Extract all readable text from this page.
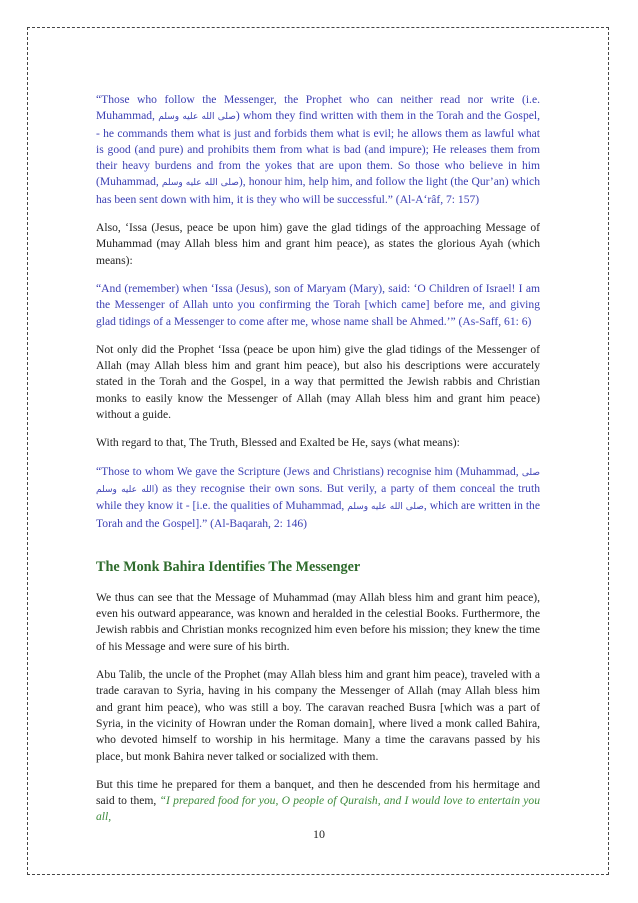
“Those who follow the Messenger, the Prophet who can neither read nor write (i.e. Muhammad, صلى الله عليه وسلم) whom they find written with them in the Torah and the Gospel, - he commands them what is just and forbids them what is evil; he allows them as lawful what is good (and pure) and prohibits them from what is bad (and impure); He releases them from their heavy burdens and from the yokes that are upon them. So those who believe in him (Muhammad, صلى الله عليه وسلم), honour him, help him, and follow the light (the Qur’an) which has been sent down with him, it is they who will be successful.” (Al-A‘râf, 7: 157)

Also, ‘Issa (Jesus, peace be upon him) gave the glad tidings of the approaching Message of Muhammad (may Allah bless him and grant him peace), as states the glorious Ayah (which means):

“And (remember) when ‘Issa (Jesus), son of Maryam (Mary), said: ‘O Children of Israel! I am the Messenger of Allah unto you confirming the Torah [which came] before me, and giving glad tidings of a Messenger to come after me, whose name shall be Ahmed.’” (As-Saff, 61: 6)

Not only did the Prophet ‘Issa (peace be upon him) give the glad tidings of the Messenger of Allah (may Allah bless him and grant him peace), but also his descriptions were accurately stated in the Torah and the Gospel, in a way that permitted the Jewish rabbis and Christian monks to easily know the Messenger of Allah (may Allah bless him and grant him peace) without a guide.

With regard to that, The Truth, Blessed and Exalted be He, says (what means):

“Those to whom We gave the Scripture (Jews and Christians) recognise him (Muhammad, صلى الله عليه وسلم) as they recognise their own sons. But verily, a party of them conceal the truth while they know it - [i.e. the qualities of Muhammad, صلى الله عليه وسلم, which are written in the Torah and the Gospel].” (Al-Baqarah, 2: 146)

The Monk Bahira Identifies The Messenger

We thus can see that the Message of Muhammad (may Allah bless him and grant him peace), even his outward appearance, was known and heralded in the celestial Books. Furthermore, the Jewish rabbis and Christian monks recognized him even before his mission; they knew the time of his Message and were sure of his birth.

Abu Talib, the uncle of the Prophet (may Allah bless him and grant him peace), traveled with a trade caravan to Syria, having in his company the Messenger of Allah (may Allah bless him and grant him peace), who was still a boy. The caravan reached Busra [which was a part of Syria, in the vicinity of Howran under the Roman domain], where lived a monk called Bahira, who devoted himself to worship in his hermitage. Many a time the caravans passed by his place, but monk Bahira never talked or socialized with them.

But this time he prepared for them a banquet, and then he descended from his hermitage and said to them, “I prepared food for you, O people of Quraish, and I would love to entertain you all,

10
